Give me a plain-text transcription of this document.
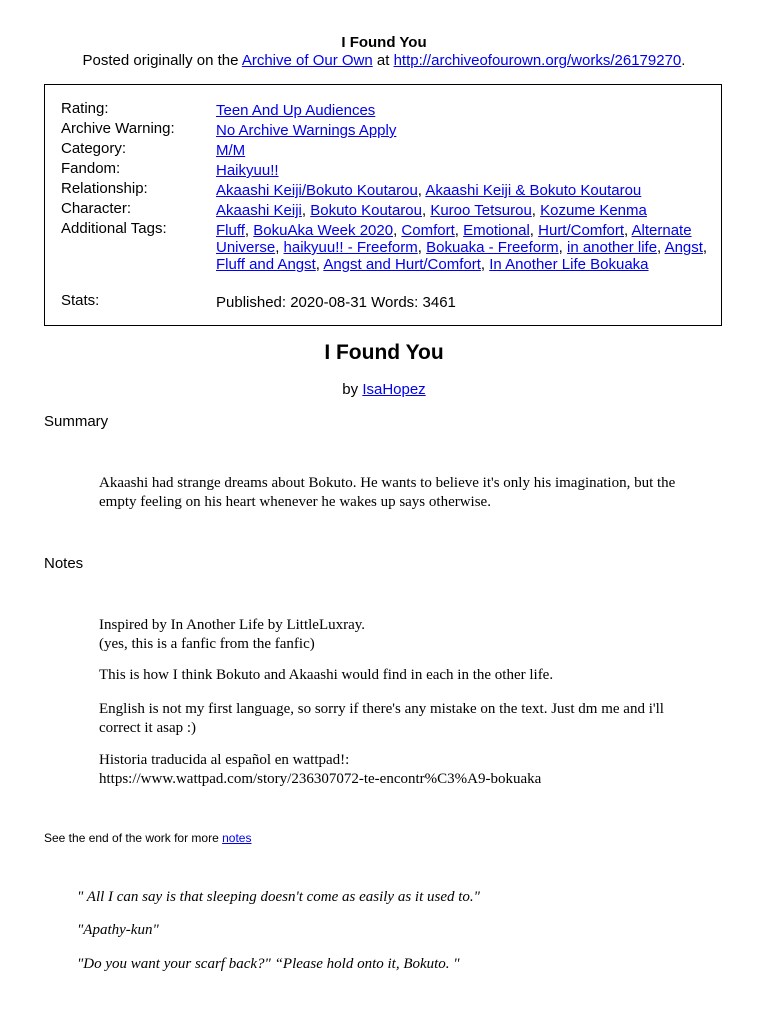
I Found You
Posted originally on the Archive of Our Own at http://archiveofourown.org/works/26179270.
Rating:	Teen And Up Audiences
Archive Warning:	No Archive Warnings Apply
Category:	M/M
Fandom:	Haikyuu!!
Relationship:	Akaashi Keiji/Bokuto Koutarou, Akaashi Keiji & Bokuto Koutarou
Character:	Akaashi Keiji, Bokuto Koutarou, Kuroo Tetsurou, Kozume Kenma
Additional Tags:	Fluff, BokuAka Week 2020, Comfort, Emotional, Hurt/Comfort, Alternate Universe, haikyuu!! - Freeform, Bokuaka - Freeform, in another life, Angst, Fluff and Angst, Angst and Hurt/Comfort, In Another Life Bokuaka
Stats:	Published: 2020-08-31 Words: 3461
I Found You
by IsaHopez
Summary
Akaashi had strange dreams about Bokuto. He wants to believe it's only his imagination, but the empty feeling on his heart whenever he wakes up says otherwise.
Notes
Inspired by In Another Life by LittleLuxray.
(yes, this is a fanfic from the fanfic)
This is how I think Bokuto and Akaashi would find in each in the other life.
English is not my first language, so sorry if there's any mistake on the text. Just dm me and i'll correct it asap :)
Historia traducida al español en wattpad!:
https://www.wattpad.com/story/236307072-te-encontr%C3%A9-bokuaka
See the end of the work for more notes
" All I can say is that sleeping doesn't come as easily as it used to."
"Apathy-kun"
"Do you want your scarf back?" “Please hold onto it, Bokuto. "
